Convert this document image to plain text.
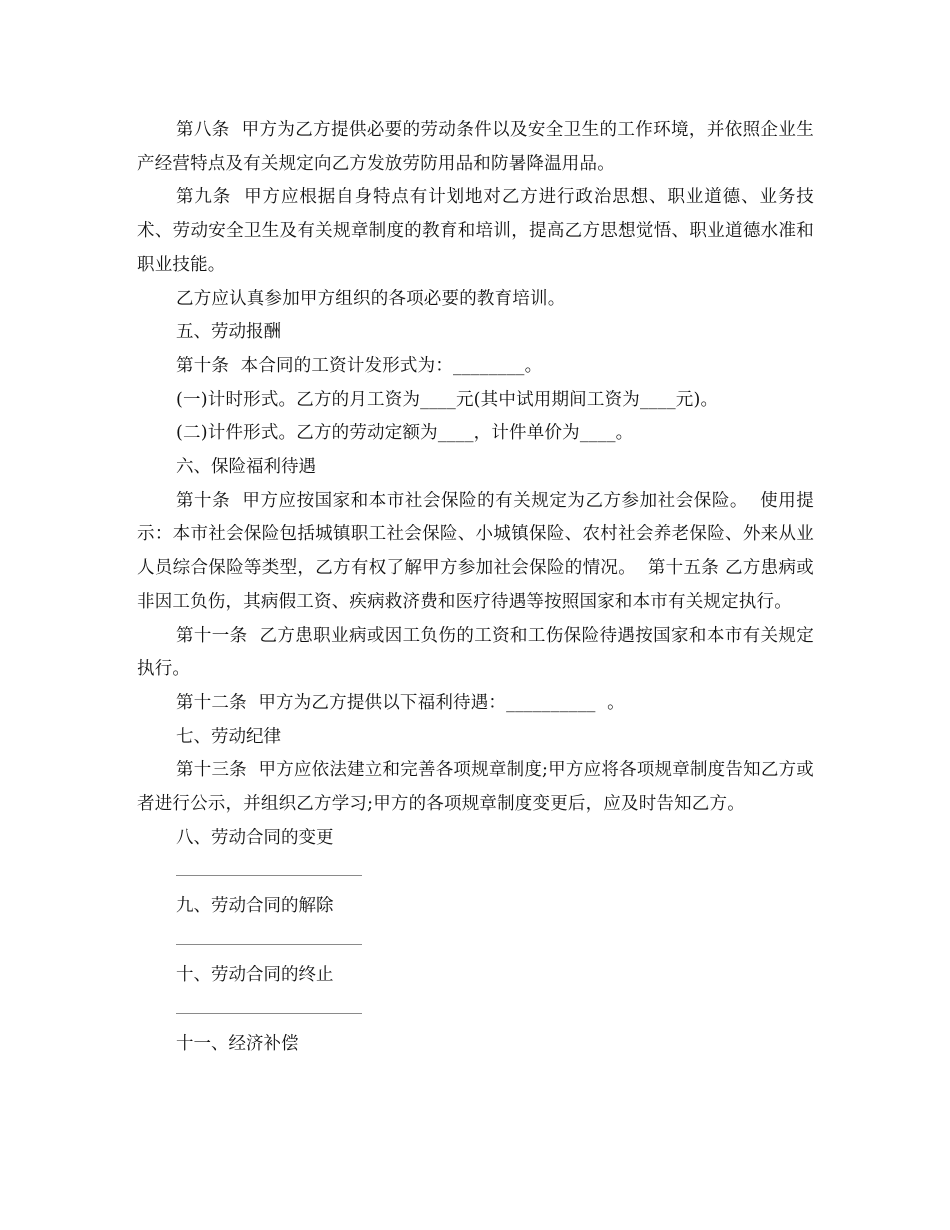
第八条  甲方为乙方提供必要的劳动条件以及安全卫生的工作环境，并依照企业生产经营特点及有关规定向乙方发放劳防用品和防暑降温用品。

第九条  甲方应根据自身特点有计划地对乙方进行政治思想、职业道德、业务技术、劳动安全卫生及有关规章制度的教育和培训，提高乙方思想觉悟、职业道德水准和职业技能。

乙方应认真参加甲方组织的各项必要的教育培训。

五、劳动报酬

第十条  本合同的工资计发形式为：________。

(一)计时形式。乙方的月工资为____元(其中试用期间工资为____元)。

(二)计件形式。乙方的劳动定额为____，计件单价为____。

六、保险福利待遇

第十条  甲方应按国家和本市社会保险的有关规定为乙方参加社会保险。  使用提示：本市社会保险包括城镇职工社会保险、小城镇保险、农村社会养老保险、外来从业人员综合保险等类型，乙方有权了解甲方参加社会保险的情况。  第十五条 乙方患病或非因工负伤，其病假工资、疾病救济费和医疗待遇等按照国家和本市有关规定执行。

第十一条  乙方患职业病或因工负伤的工资和工伤保险待遇按国家和本市有关规定执行。

第十二条  甲方为乙方提供以下福利待遇：__________  。

七、劳动纪律

第十三条  甲方应依法建立和完善各项规章制度;甲方应将各项规章制度告知乙方或者进行公示，并组织乙方学习;甲方的各项规章制度变更后，应及时告知乙方。

八、劳动合同的变更

九、劳动合同的解除

十、劳动合同的终止

十一、经济补偿
